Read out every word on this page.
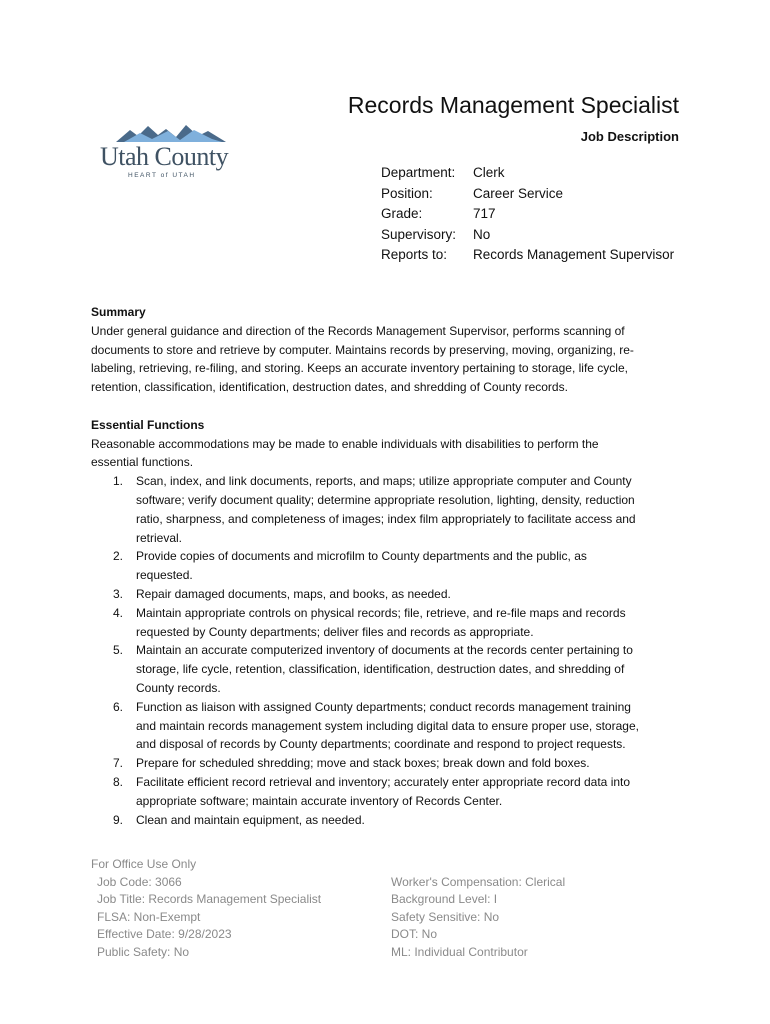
Utah County
HEART of UTAH
Records Management Specialist
Job Description
Department: Clerk
Position:	Career Service
Grade:	717
Supervisory: No
Reports to: Records Management Supervisor
Summary
Under general guidance and direction of the Records Management Supervisor, performs scanning of
documents to store and retrieve by computer. Maintains records by preserving, moving, organizing, re-
labeling, retrieving, re-filing, and storing. Keeps an accurate inventory pertaining to storage, life cycle,
retention, classification, identification, destruction dates, and shredding of County records.
Essential Functions
Reasonable accommodations may be made to enable individuals with disabilities to perform the
essential functions.
1. Scan, index, and link documents, reports, and maps; utilize appropriate computer and County
software; verify document quality; determine appropriate resolution, lighting, density, reduction
ratio, sharpness, and completeness of images; index film appropriately to facilitate access and
retrieval.
2. Provide copies of documents and microfilm to County departments and the public, as
requested.
3. Repair damaged documents, maps, and books, as needed.
4. Maintain appropriate controls on physical records; file, retrieve, and re-file maps and records
requested by County departments; deliver files and records as appropriate.
5. Maintain an accurate computerized inventory of documents at the records center pertaining to
storage, life cycle, retention, classification, identification, destruction dates, and shredding of
County records.
6. Function as liaison with assigned County departments; conduct records management training
and maintain records management system including digital data to ensure proper use, storage,
and disposal of records by County departments; coordinate and respond to project requests.
7. Prepare for scheduled shredding; move and stack boxes; break down and fold boxes.
8. Facilitate efficient record retrieval and inventory; accurately enter appropriate record data into
appropriate software; maintain accurate inventory of Records Center.
9. Clean and maintain equipment, as needed.
For Office Use Only
Job Code: 3066
Job Title: Records Management Specialist
FLSA: Non-Exempt
Effective Date: 9/28/2023
Public Safety: No
Worker's Compensation: Clerical
Background Level: I
Safety Sensitive: No
DOT: No
ML: Individual Contributor
